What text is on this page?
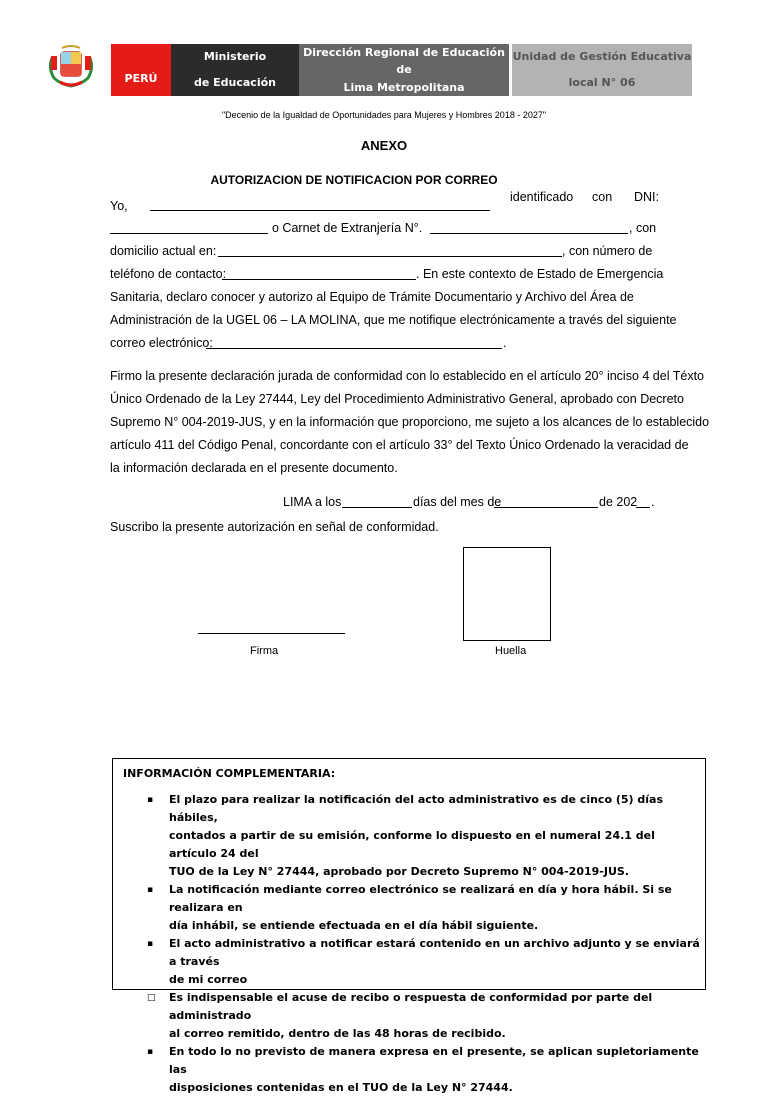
PERÚ
Ministerio
de Educación
Dirección Regional de Educación de
Lima Metropolitana
Unidad de Gestión Educativa
local N° 06
"Decenio de la Igualdad de Oportunidades para Mujeres y Hombres 2018 - 2027"
ANEXO
AUTORIZACION DE NOTIFICACION POR CORREO
Yo,
identificado con DNI:
o Carnet de Extranjería N°.	, con
domicilio actual en:	, con número de
teléfono de contacto:	. En este contexto de Estado de Emergencia
Sanitaria, declaro conocer y autorizo al Equipo de Trámite Documentario y Archivo del Área de
Administración de la UGEL 06 – LA MOLINA, que me notifique electrónicamente a través del siguiente
correo electrónico:	.
Firmo la presente declaración jurada de conformidad con lo establecido en el artículo 20° inciso 4 del Téxto
Único Ordenado de la Ley 27444, Ley del Procedimiento Administrativo General, aprobado con Decreto
Supremo N° 004-2019-JUS, y en la información que proporciono, me sujeto a los alcances de lo establecido
artículo 411 del Código Penal, concordante con el artículo 33° del Texto Único Ordenado la veracidad de
la información declarada en el presente documento.
LIMA a los	días del mes de	de 202 .
Suscribo la presente autorización en señal de conformidad.
Firma	Huella
INFORMACIÓN COMPLEMENTARIA:
▪ El plazo para realizar la notificación del acto administrativo es de cinco (5) días hábiles,
contados a partir de su emisión, conforme lo dispuesto en el numeral 24.1 del artículo 24 del
TUO de la Ley N° 27444, aprobado por Decreto Supremo N° 004-2019-JUS.
▪ La notificación mediante correo electrónico se realizará en día y hora hábil. Si se realizara en
día inhábil, se entiende efectuada en el día hábil siguiente.
▪ El acto administrativo a notificar estará contenido en un archivo adjunto y se enviará a través
de mi correo
□ Es indispensable el acuse de recibo o respuesta de conformidad por parte del administrado
al correo remitido, dentro de las 48 horas de recibido.
▪ En todo lo no previsto de manera expresa en el presente, se aplican supletoriamente las
disposiciones contenidas en el TUO de la Ley N° 27444.
